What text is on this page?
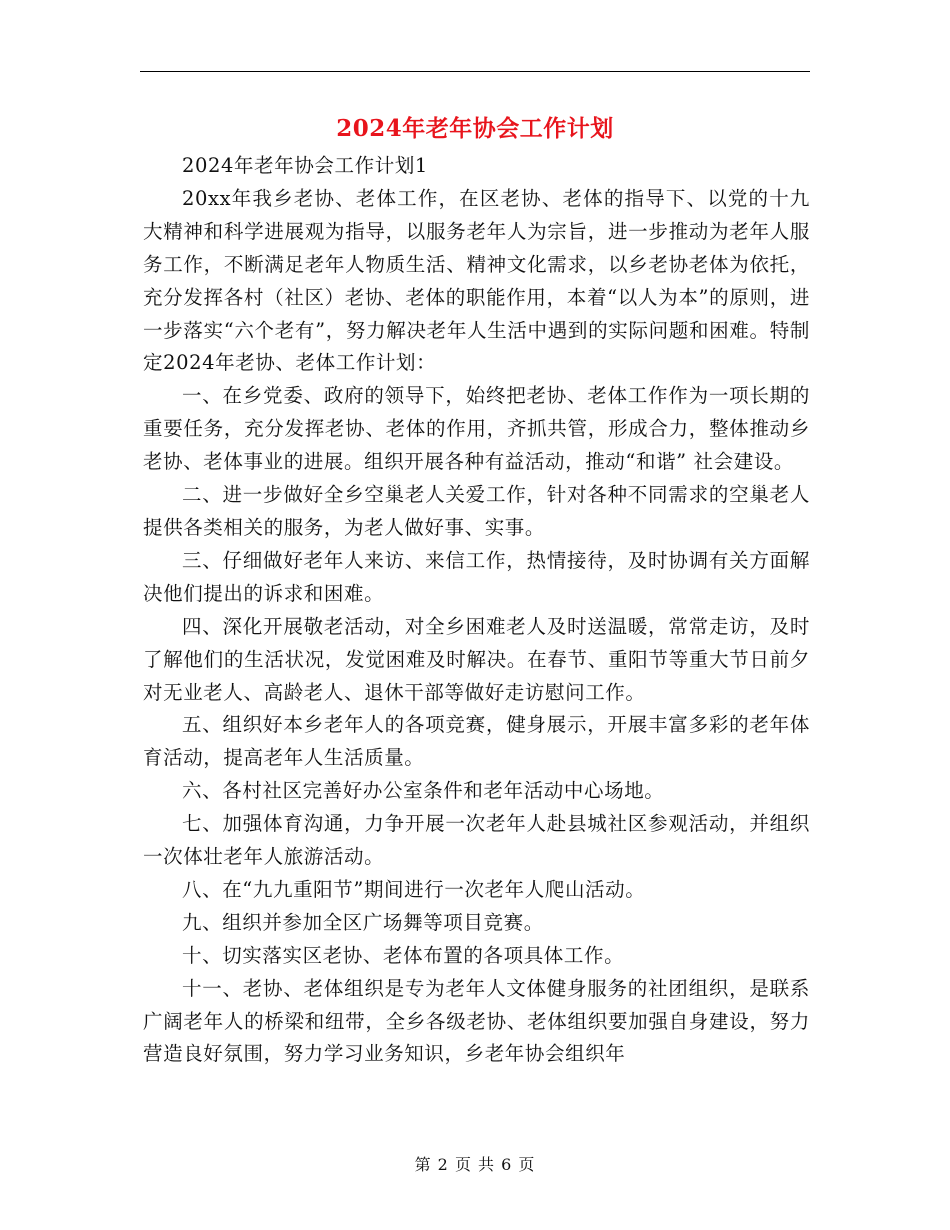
2024年老年协会工作计划

2024年老年协会工作计划1

20xx年我乡老协、老体工作，在区老协、老体的指导下、以党的十九大精神和科学进展观为指导，以服务老年人为宗旨，进一步推动为老年人服务工作，不断满足老年人物质生活、精神文化需求，以乡老协老体为依托，充分发挥各村（社区）老协、老体的职能作用，本着“以人为本”的原则，进一步落实“六个老有”，努力解决老年人生活中遇到的实际问题和困难。特制定2024年老协、老体工作计划：

一、在乡党委、政府的领导下，始终把老协、老体工作作为一项长期的重要任务，充分发挥老协、老体的作用，齐抓共管，形成合力，整体推动乡老协、老体事业的进展。组织开展各种有益活动，推动“和谐” 社会建设。

二、进一步做好全乡空巢老人关爱工作，针对各种不同需求的空巢老人提供各类相关的服务，为老人做好事、实事。

三、仔细做好老年人来访、来信工作，热情接待，及时协调有关方面解决他们提出的诉求和困难。

四、深化开展敬老活动，对全乡困难老人及时送温暖，常常走访，及时了解他们的生活状况，发觉困难及时解决。在春节、重阳节等重大节日前夕对无业老人、高龄老人、退休干部等做好走访慰问工作。

五、组织好本乡老年人的各项竞赛，健身展示，开展丰富多彩的老年体育活动，提高老年人生活质量。

六、各村社区完善好办公室条件和老年活动中心场地。

七、加强体育沟通，力争开展一次老年人赴县城社区参观活动，并组织一次体壮老年人旅游活动。

八、在“九九重阳节”期间进行一次老年人爬山活动。

九、组织并参加全区广场舞等项目竞赛。

十、切实落实区老协、老体布置的各项具体工作。

十一、老协、老体组织是专为老年人文体健身服务的社团组织，是联系广阔老年人的桥梁和纽带，全乡各级老协、老体组织要加强自身建设，努力营造良好氛围，努力学习业务知识，乡老年协会组织年

第 2 页 共 6 页
